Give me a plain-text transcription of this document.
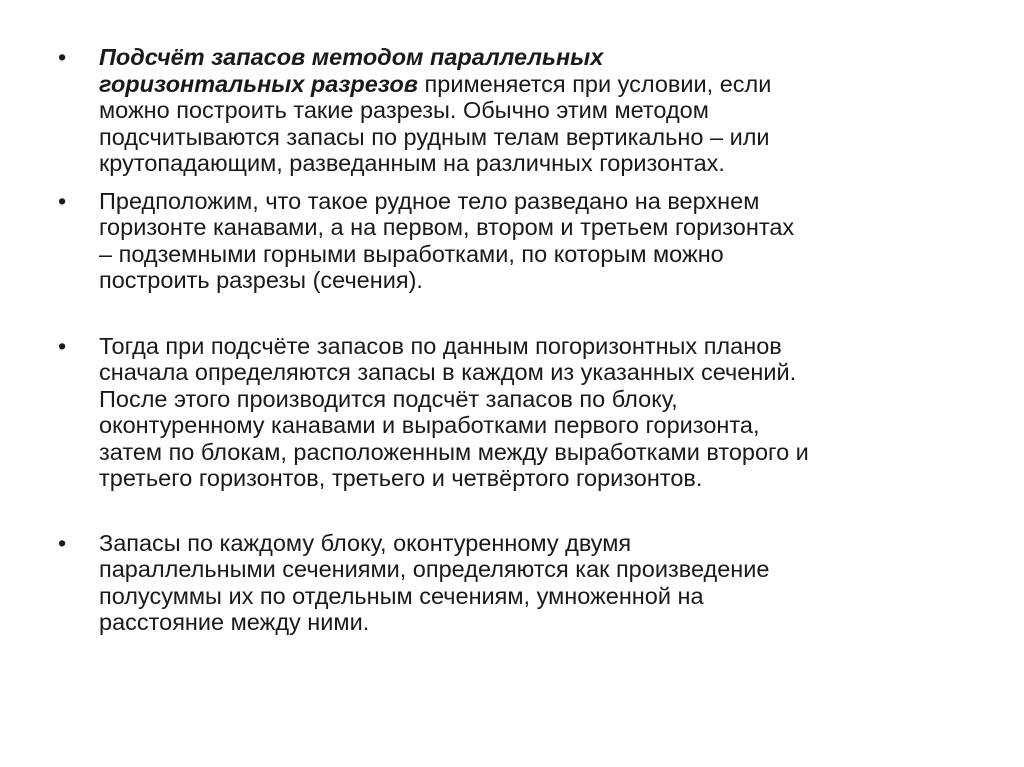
•	Подсчёт запасов методом параллельных
горизонтальных разрезов применяется при условии, если
можно построить такие разрезы. Обычно этим методом
подсчитываются запасы по рудным телам вертикально – или
крутопадающим, разведанным на различных горизонтах.
•	Предположим, что такое рудное тело разведано на верхнем
горизонте канавами, а на первом, втором и третьем горизонтах
– подземными горными выработками, по которым можно
построить разрезы (сечения).
•	Тогда при подсчёте запасов по данным погоризонтных планов
сначала определяются запасы в каждом из указанных сечений.
После этого производится подсчёт запасов по блоку,
оконтуренному канавами и выработками первого горизонта,
затем по блокам, расположенным между выработками второго и
третьего горизонтов, третьего и четвёртого горизонтов.
•	Запасы по каждому блоку, оконтуренному двумя
параллельными сечениями, определяются как произведение
полусуммы их по отдельным сечениям, умноженной на
расстояние между ними.
